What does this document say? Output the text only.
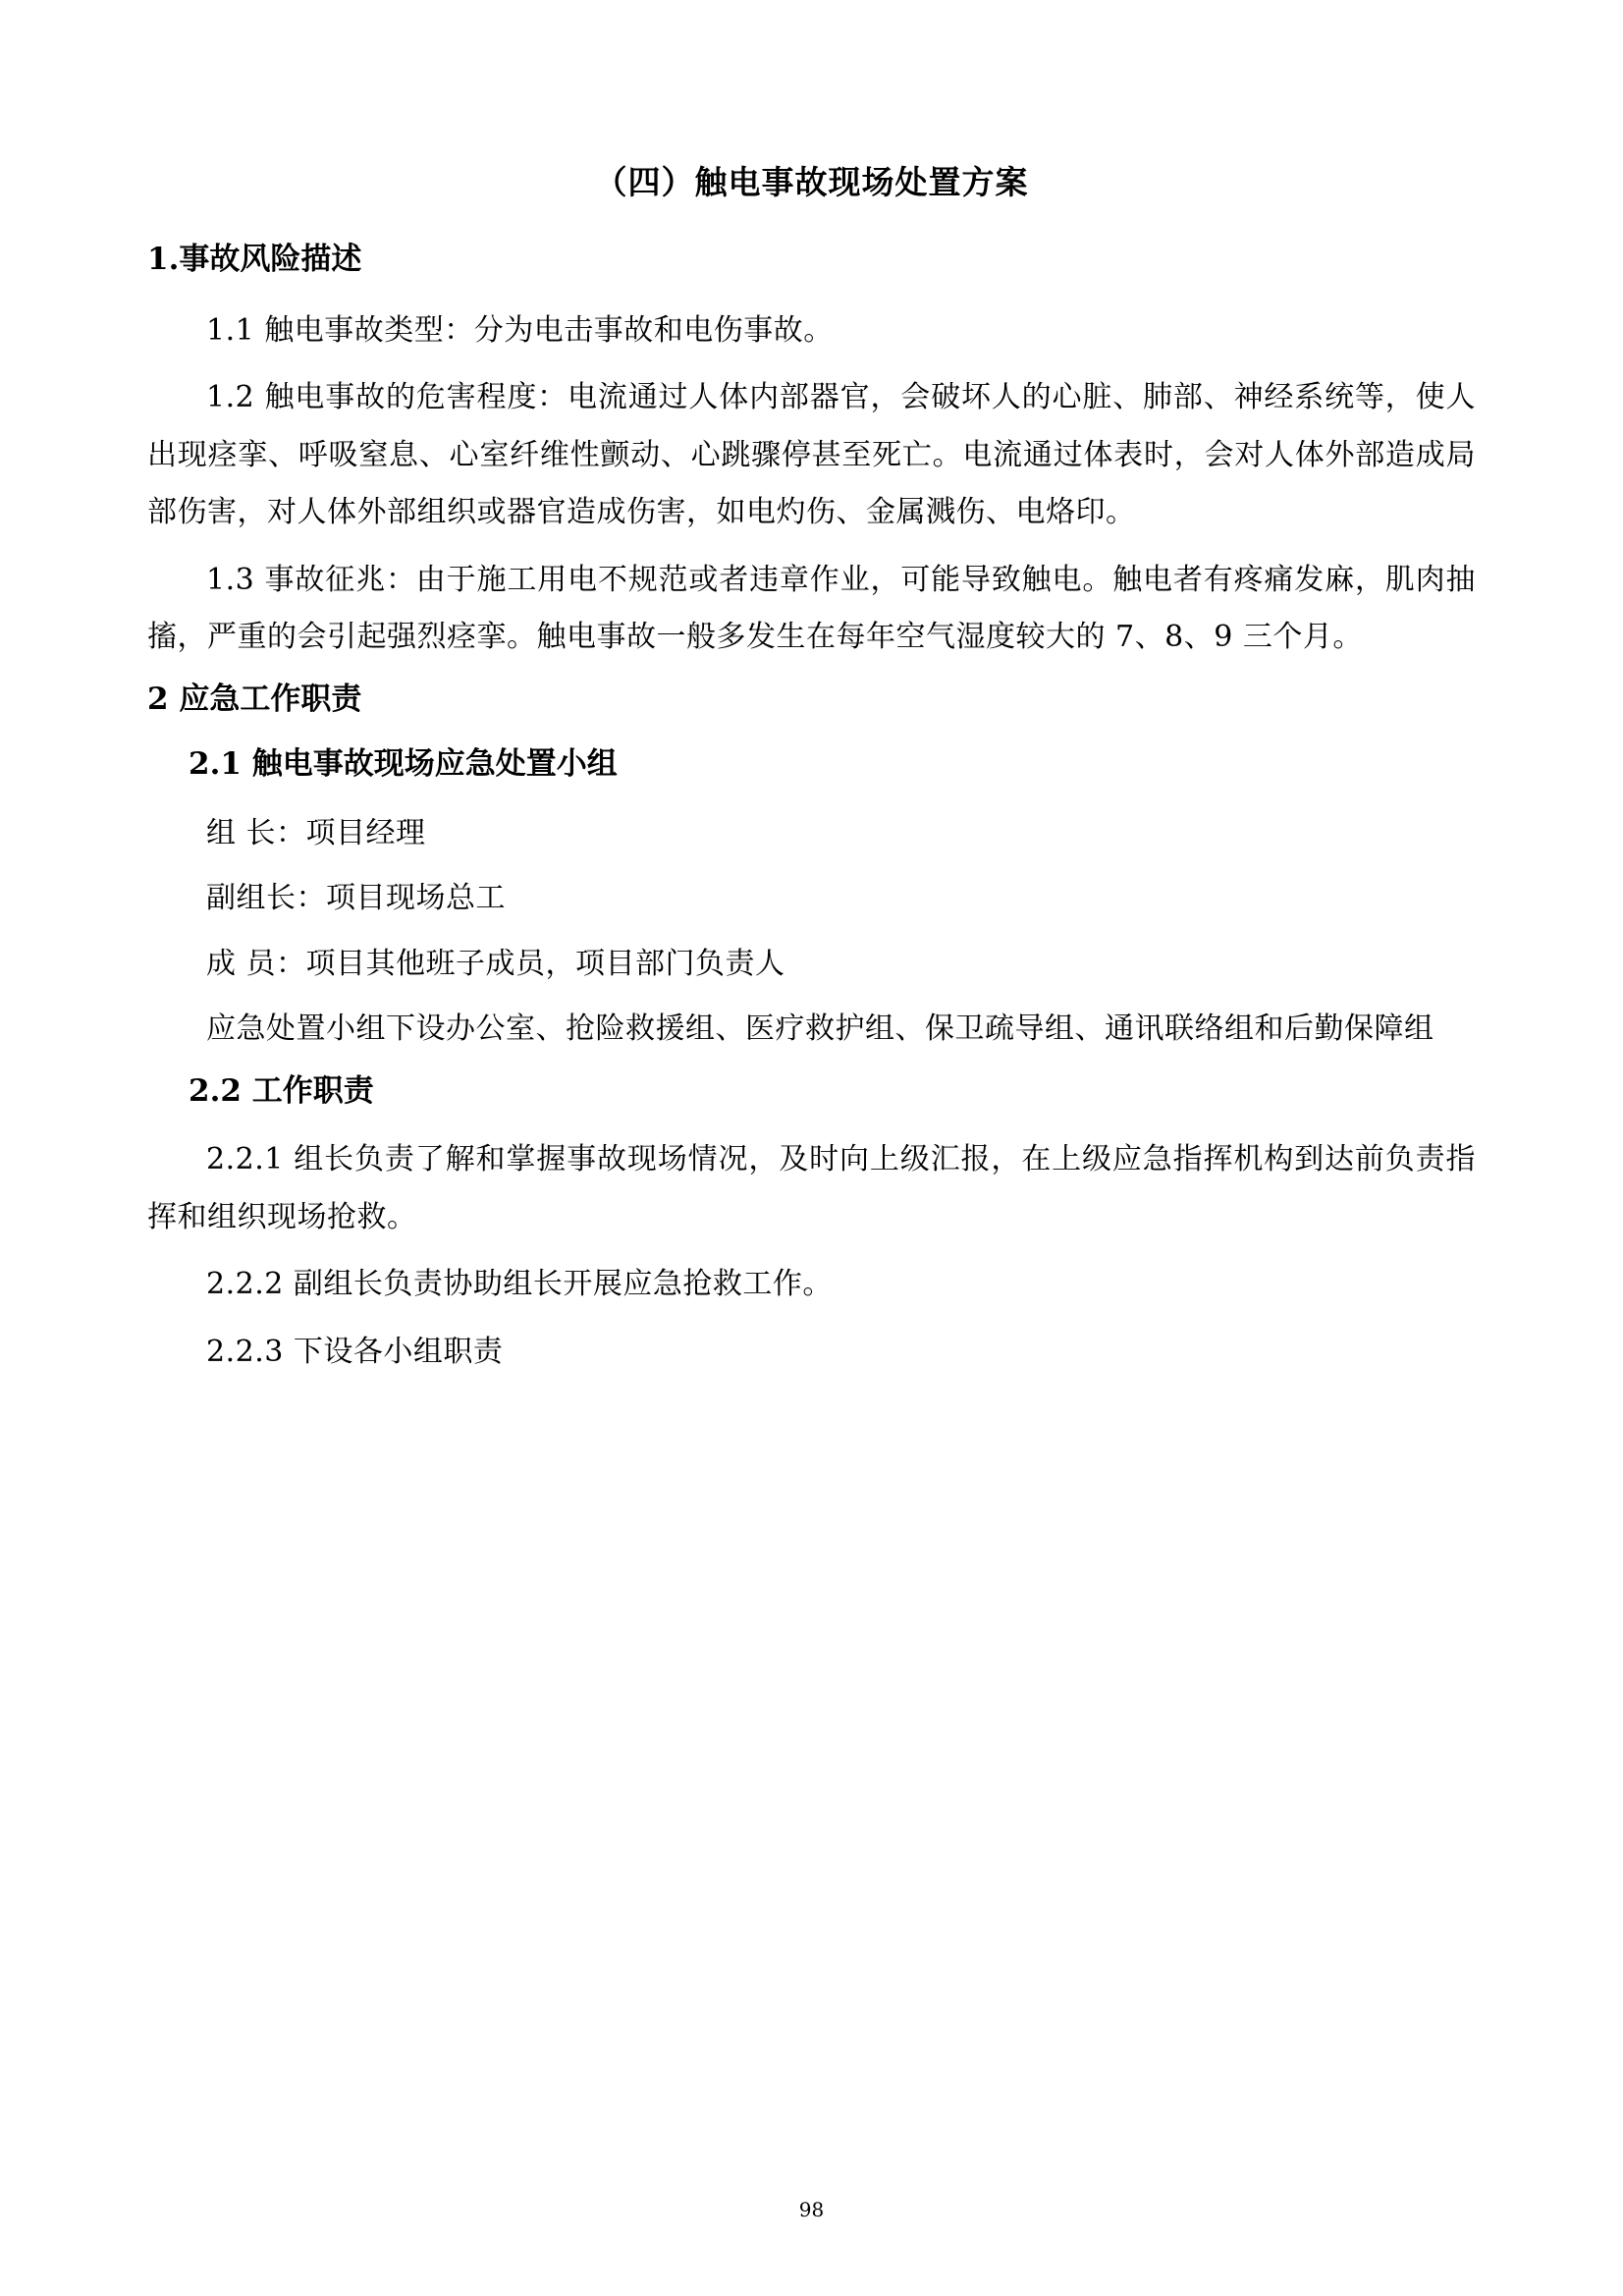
（四）触电事故现场处置方案
1.事故风险描述

1.1 触电事故类型：分为电击事故和电伤事故。

1.2 触电事故的危害程度：电流通过人体内部器官，会破坏人的心脏、肺部、神经系统等，使人出现痉挛、呼吸窒息、心室纤维性颤动、心跳骤停甚至死亡。电流通过体表时，会对人体外部造成局部伤害，对人体外部组织或器官造成伤害，如电灼伤、金属溅伤、电烙印。

1.3 事故征兆：由于施工用电不规范或者违章作业，可能导致触电。触电者有疼痛发麻，肌肉抽搐，严重的会引起强烈痉挛。触电事故一般多发生在每年空气湿度较大的 7、8、9 三个月。

2 应急工作职责
2.1 触电事故现场应急处置小组
组 长：项目经理
副组长：项目现场总工
成 员：项目其他班子成员，项目部门负责人

应急处置小组下设办公室、抢险救援组、医疗救护组、保卫疏导组、通讯联络组和后勤保障组

2.2 工作职责

2.2.1 组长负责了解和掌握事故现场情况，及时向上级汇报，在上级应急指挥机构到达前负责指挥和组织现场抢救。

2.2.2 副组长负责协助组长开展应急抢救工作。

2.2.3 下设各小组职责

98
